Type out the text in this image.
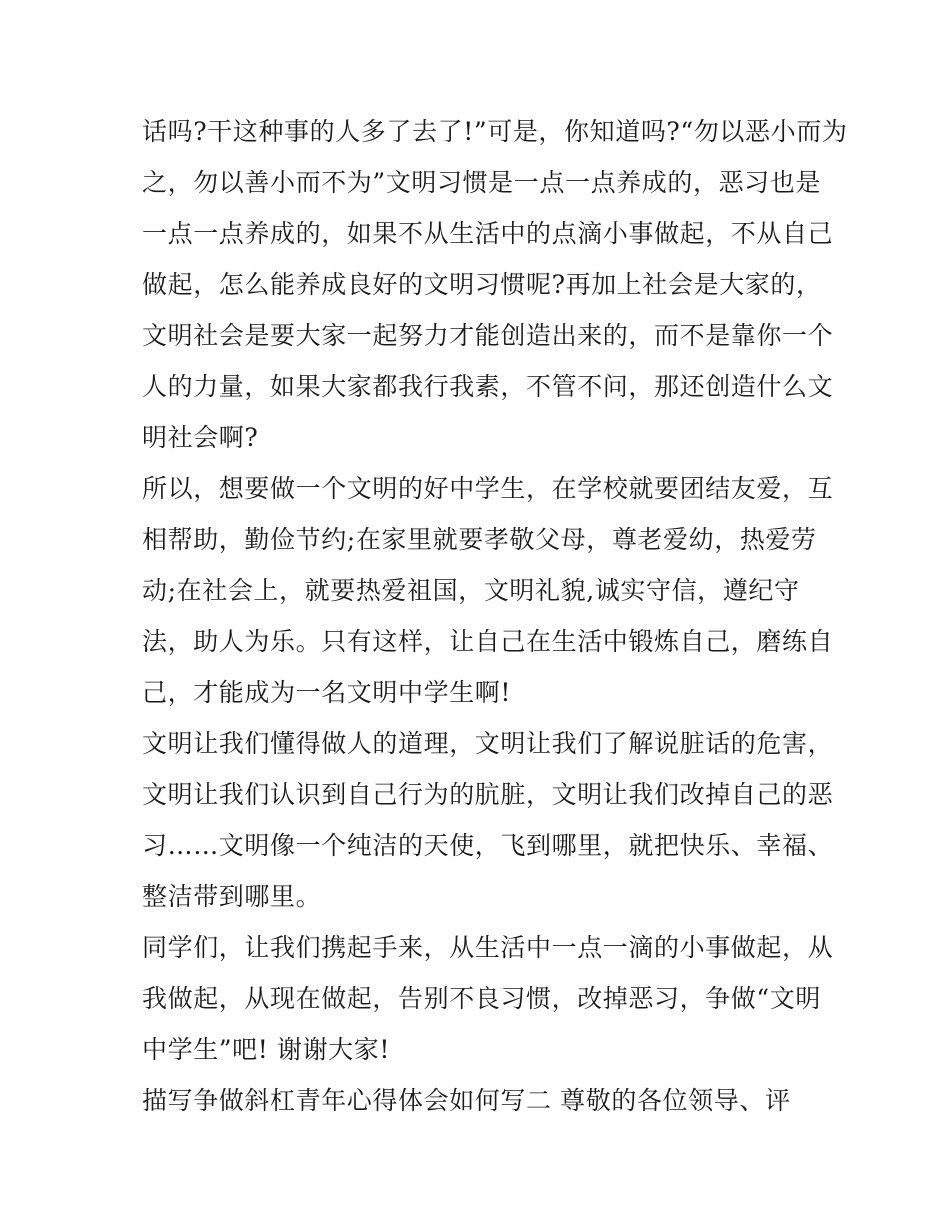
话吗?干这种事的人多了去了!”可是，你知道吗?“勿以恶小而为
之，勿以善小而不为”文明习惯是一点一点养成的，恶习也是
一点一点养成的，如果不从生活中的点滴小事做起，不从自己
做起，怎么能养成良好的文明习惯呢?再加上社会是大家的，
文明社会是要大家一起努力才能创造出来的，而不是靠你一个
人的力量，如果大家都我行我素，不管不问，那还创造什么文
明社会啊?
所以，想要做一个文明的好中学生，在学校就要团结友爱，互
相帮助，勤俭节约;在家里就要孝敬父母，尊老爱幼，热爱劳
动;在社会上，就要热爱祖国，文明礼貌,诚实守信，遵纪守
法，助人为乐。只有这样，让自己在生活中锻炼自己，磨练自
己，才能成为一名文明中学生啊!
文明让我们懂得做人的道理，文明让我们了解说脏话的危害，
文明让我们认识到自己行为的肮脏，文明让我们改掉自己的恶
习……文明像一个纯洁的天使，飞到哪里，就把快乐、幸福、
整洁带到哪里。
同学们，让我们携起手来，从生活中一点一滴的小事做起，从
我做起，从现在做起，告别不良习惯，改掉恶习，争做“文明
中学生”吧! 谢谢大家!
描写争做斜杠青年心得体会如何写二 尊敬的各位领导、评
